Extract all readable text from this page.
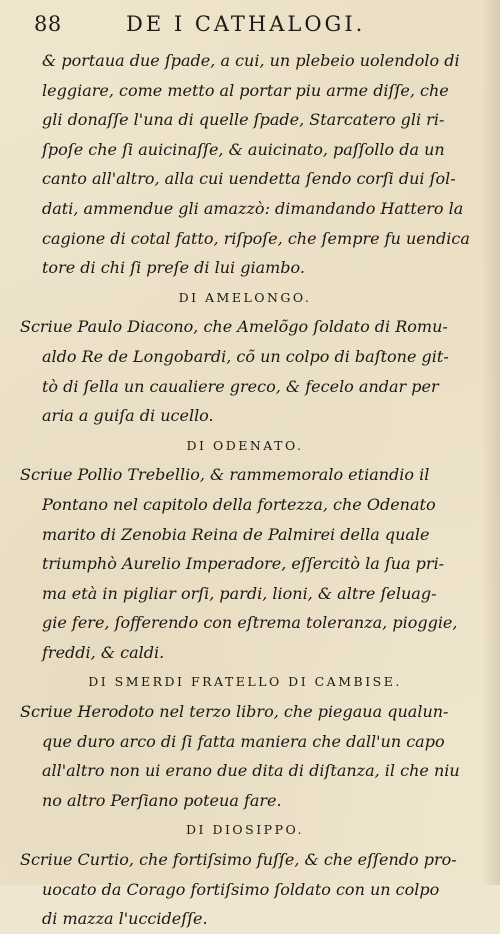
88	DE I CATHALOGI.
& portaua due ſpade, a cui, un plebeio uolendolo di
leggiare, come metto al portar piu arme diſſe, che
gli donaſſe l'una di quelle ſpade, Starcatero gli ri-
ſpoſe che ſi auicinaſſe, & auicinato, paſſollo da un
canto all'altro, alla cui uendetta ſendo corſi dui ſol-
dati, ammendue gli amazzò: dimandando Hattero la
cagione di cotal fatto, riſpoſe, che ſempre fu uendica
tore di chi ſi preſe di lui giambo.
DI AMELONGO.
Scriue Paulo Diacono, che Amelõgo ſoldato di Romu-
aldo Re de Longobardi, cõ un colpo di baſtone git-
tò di ſella un caualiere greco, & fecelo andar per
aria a guiſa di ucello.
DI ODENATO.
Scriue Pollio Trebellio, & rammemoralo etiandio il
Pontano nel capitolo della fortezza, che Odenato
marito di Zenobia Reina de Palmirei della quale
triumphò Aurelio Imperadore, eſſercitò la ſua pri-
ma età in pigliar orſi, pardi, lioni, & altre ſeluag-
gie fere, ſofferendo con eſtrema toleranza, pioggie,
freddi, & caldi.
DI SMERDI FRATELLO DI CAMBISE.
Scriue Herodoto nel terzo libro, che piegaua qualun-
que duro arco di ſi fatta maniera che dall'un capo
all'altro non ui erano due dita di diſtanza, il che niu
no altro Perſiano poteua fare.
DI DIOSIPPO.
Scriue Curtio, che fortiſsimo fuſſe, & che eſſendo pro-
uocato da Corago fortiſsimo ſoldato con un colpo
di mazza l'uccideſſe.
